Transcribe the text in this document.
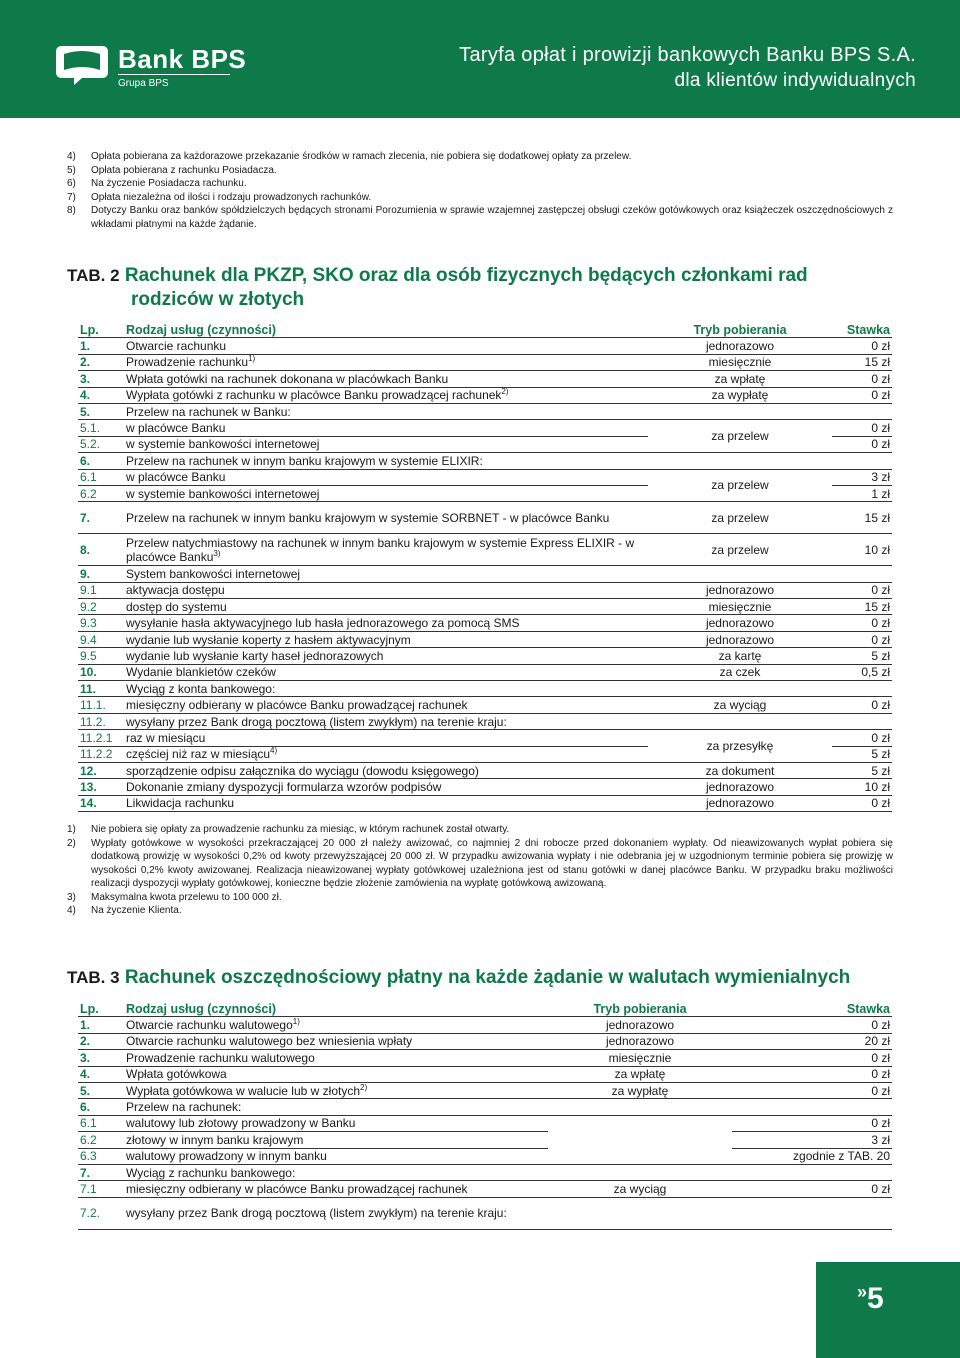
Bank BPS
Grupa BPS
Taryfa opłat i prowizji bankowych Banku BPS S.A.
dla klientów indywidualnych
4)	Opłata pobierana za każdorazowe przekazanie środków w ramach zlecenia, nie pobiera się dodatkowej opłaty za przelew.
5)	Opłata pobierana z rachunku Posiadacza.
6)	Na życzenie Posiadacza rachunku.
7)	Opłata niezależna od ilości i rodzaju prowadzonych rachunków.
8)	Dotyczy Banku oraz banków spółdzielczych będących stronami Porozumienia w sprawie wzajemnej zastępczej obsługi czeków gotówkowych oraz książeczek oszczędnościowych z wkładami płatnymi na każde żądanie.
TAB. 2 Rachunek dla PKZP, SKO oraz dla osób fizycznych będących członkami rad
rodziców w złotych
Lp.	Rodzaj usług (czynności)	Tryb pobierania	Stawka
1.	Otwarcie rachunku	jednorazowo	0 zł
2.	Prowadzenie rachunku$^{1)}$	miesięcznie	15 zł
3.	Wpłata gotówki na rachunek dokonana w placówkach Banku	za wpłatę	0 zł
4.	Wypłata gotówki z rachunku w placówce Banku prowadzącej rachunek$^{2)}$	za wypłatę	0 zł
5.	Przelew na rachunek w Banku:		
5.1.	w placówce Banku	za przelew	0 zł
5.2.	w systemie bankowości internetowej		0 zł
6.	Przelew na rachunek w innym banku krajowym w systemie ELIXIR:		
6.1	w placówce Banku	za przelew	3 zł
6.2	w systemie bankowości internetowej		1 zł
7.	Przelew na rachunek w innym banku krajowym w systemie SORBNET - w placówce Banku	za przelew	15 zł
8.	Przelew natychmiastowy na rachunek w innym banku krajowym w systemie Express ELIXIR - w placówce Banku$^{3)}$	za przelew	10 zł
9.	System bankowości internetowej		
9.1	aktywacja dostępu	jednorazowo	0 zł
9.2	dostęp do systemu	miesięcznie	15 zł
9.3	wysyłanie hasła aktywacyjnego lub hasła jednorazowego za pomocą SMS	jednorazowo	0 zł
9.4	wydanie lub wysłanie koperty z hasłem aktywacyjnym	jednorazowo	0 zł
9.5	wydanie lub wysłanie karty haseł jednorazowych	za kartę	5 zł
10.	Wydanie blankietów czeków	za czek	0,5 zł
11.	Wyciąg z konta bankowego:		
11.1.	miesięczny odbierany w placówce Banku prowadzącej rachunek	za wyciąg	0 zł
11.2.	wysyłany przez Bank drogą pocztową (listem zwykłym) na terenie kraju:		
11.2.1	raz w miesiącu	za przesyłkę	0 zł
11.2.2	częściej niż raz w miesiącu$^{4)}$		5 zł
12.	sporządzenie odpisu załącznika do wyciągu (dowodu księgowego)	za dokument	5 zł
13.	Dokonanie zmiany dyspozycji formularza wzorów podpisów	jednorazowo	10 zł
14.	Likwidacja rachunku	jednorazowo	0 zł
1)	Nie pobiera się opłaty za prowadzenie rachunku za miesiąc, w którym rachunek został otwarty.
2)	Wypłaty gotówkowe w wysokości przekraczającej 20 000 zł należy awizować, co najmniej 2 dni robocze przed dokonaniem wypłaty. Od nieawizowanych wypłat pobiera się dodatkową prowizję w wysokości 0,2% od kwoty przewyższającej 20 000 zł. W przypadku awizowania wypłaty i nie odebrania jej w uzgodnionym terminie pobiera się prowizję w wysokości 0,2% kwoty awizowanej. Realizacja nieawizowanej wypłaty gotówkowej uzależniona jest od stanu gotówki w danej placówce Banku. W przypadku braku możliwości realizacji dyspozycji wypłaty gotówkowej, konieczne będzie złożenie zamówienia na wypłatę gotówkową awizowaną.
3)	Maksymalna kwota przelewu to 100 000 zł.
4)	Na życzenie Klienta.
TAB. 3 Rachunek oszczędnościowy płatny na każde żądanie w walutach wymienialnych
Lp.	Rodzaj usług (czynności)	Tryb pobierania	Stawka
1.	Otwarcie rachunku walutowego$^{1)}$	jednorazowo	0 zł
2.	Otwarcie rachunku walutowego bez wniesienia wpłaty	jednorazowo	20 zł
3.	Prowadzenie rachunku walutowego	miesięcznie	0 zł
4.	Wpłata gotówkowa	za wpłatę	0 zł
5.	Wypłata gotówkowa w walucie lub w złotych$^{2)}$	za wypłatę	0 zł
6.	Przelew na rachunek:		
6.1	walutowy lub złotowy prowadzony w Banku		0 zł
6.2	złotowy w innym banku krajowym		3 zł
6.3	walutowy prowadzony w innym banku		zgodnie z TAB. 20
7.	Wyciąg z rachunku bankowego:		
7.1	miesięczny odbierany w placówce Banku prowadzącej rachunek	za wyciąg	0 zł
7.2.	wysyłany przez Bank drogą pocztową (listem zwykłym) na terenie kraju:		
»5
